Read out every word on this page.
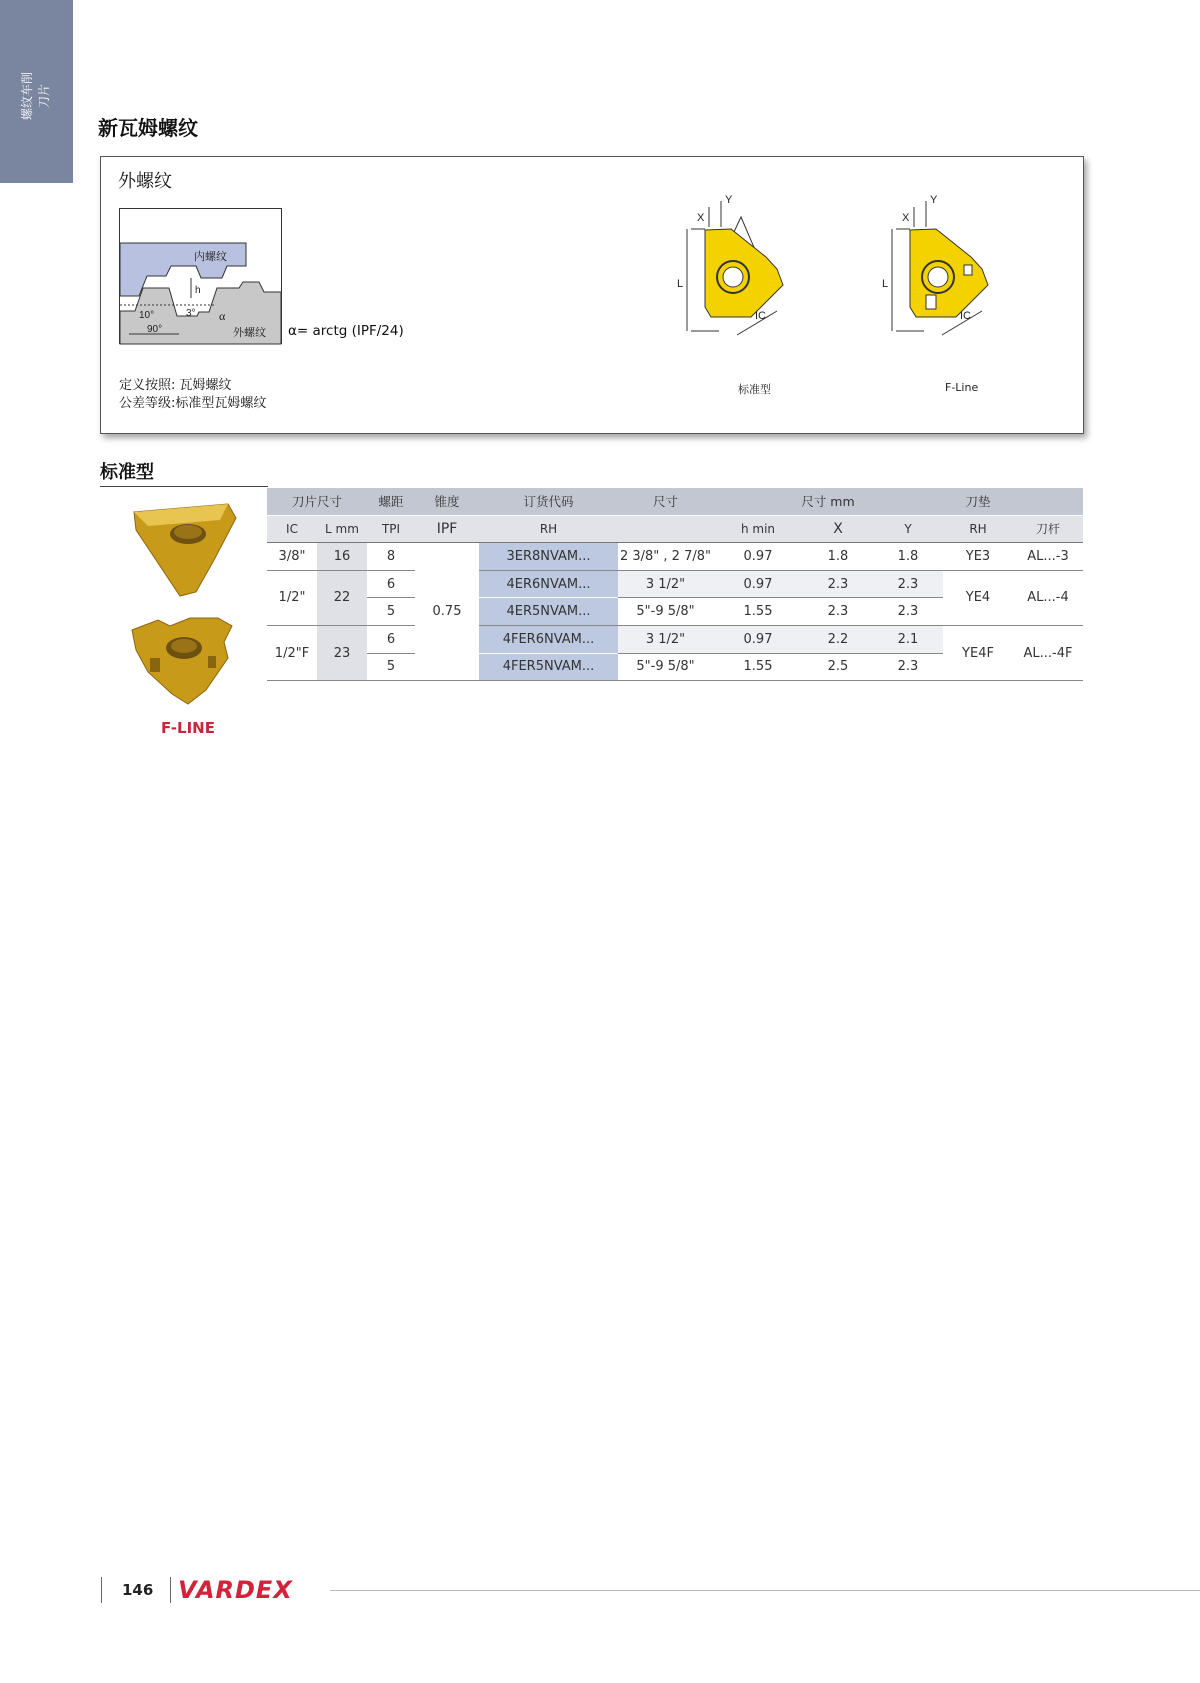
螺纹车削 刀片
新瓦姆螺纹
外螺纹
h
内螺纹
10°
90°
3° α
外螺纹 α= arctg (IPF/24)
定义按照: 瓦姆螺纹
公差等级:标准型瓦姆螺纹
L
X
Y
IC
标准型
L
X
Y
IC
F-Line
标准型
F-LINE
刀片尺寸		螺距	锥度	订货代码	尺寸	尺寸 mm			刀垫	
IC	L mm	TPI	IPF	RH		h min	X	Y	RH	刀杆
3/8"	16	8	0.75	3ER8NVAM...	2 3/8" , 2 7/8"	0.97	1.8	1.8	YE3	AL...-3
1/2"	22	6		4ER6NVAM...	3 1/2"	0.97	2.3	2.3	YE4	AL...-4
		5		4ER5NVAM...	5"-9 5/8"	1.55	2.3	2.3		
1/2"F	23	6		4FER6NVAM...	3 1/2"	0.97	2.2	2.1	YE4F	AL...-4F
		5		4FER5NVAM...	5"-9 5/8"	1.55	2.5	2.3		
146 VARDEX
